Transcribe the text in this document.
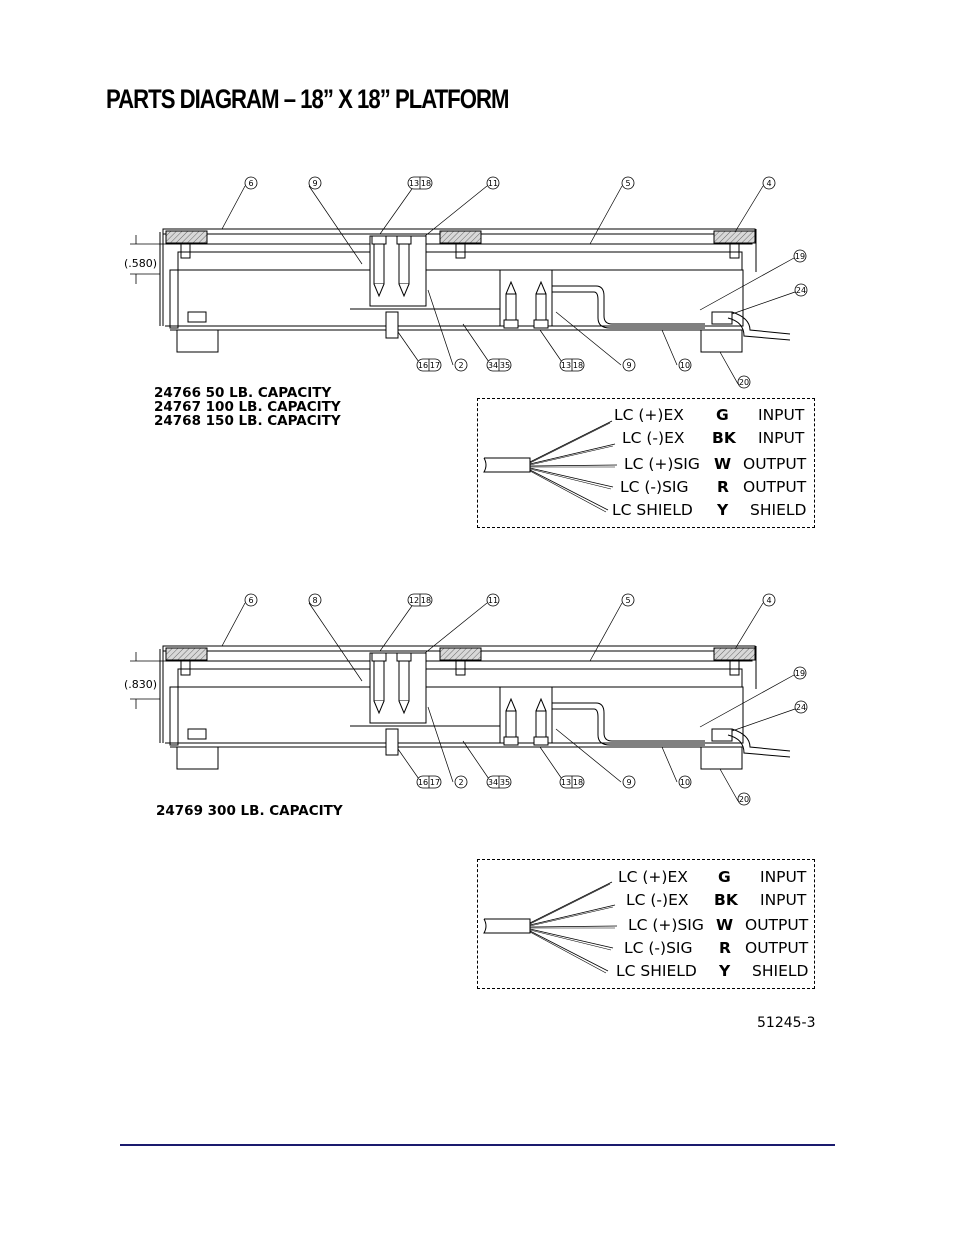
PARTS DIAGRAM – 18” X 18” PLATFORM
24766 50 LB. CAPACITY
24767 100 LB. CAPACITY
24768 150 LB. CAPACITY
24769 300 LB. CAPACITY
51245-3
LC (+)EX G INPUT
LC (-)EX BK INPUT
LC (+)SIG W OUTPUT
LC (-)SIG R OUTPUT
LC SHIELD Y SHIELD
LC (+)EX G INPUT
LC (-)EX BK INPUT
LC (+)SIG W OUTPUT
LC (-)SIG R OUTPUT
LC SHIELD Y SHIELD
(.580)
6	9	13 18	11	5	4
19
24
20
16 17 2	34 35	13 18	9	10
(.830)
6	8	12 18	11	5	4
19
24
20
16 17 2	34 35	13 18	9	10
